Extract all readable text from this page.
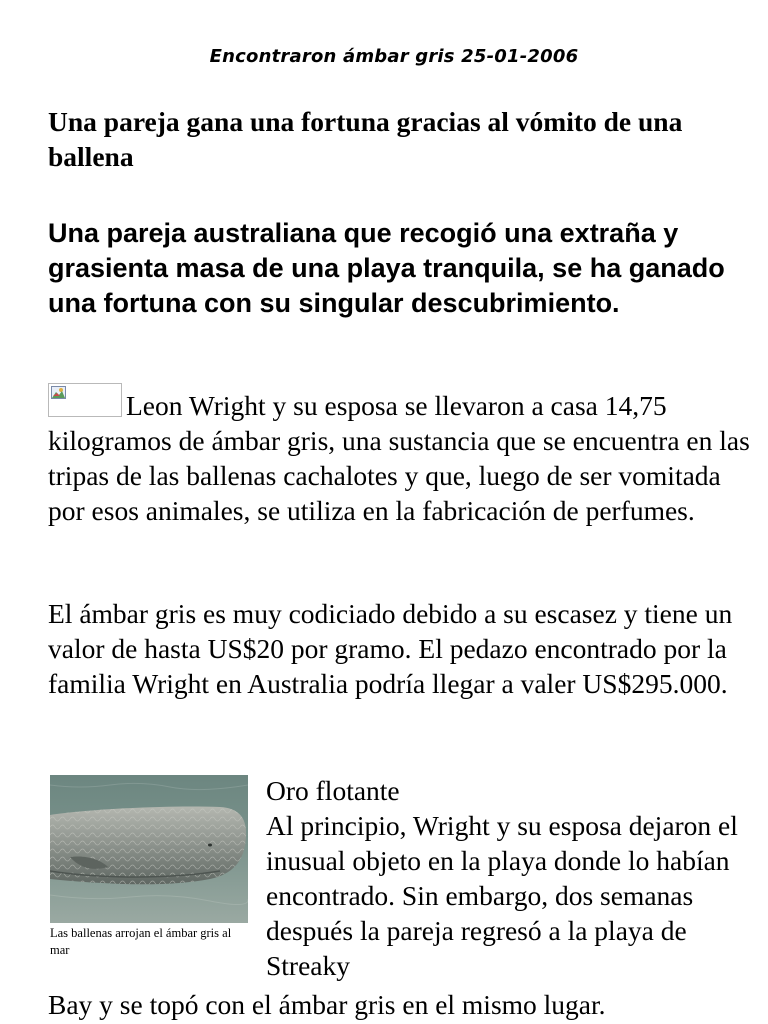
Encontraron ámbar gris 25-01-2006
Una pareja gana una fortuna gracias al vómito de una ballena
Una pareja australiana que recogió una extraña y grasienta masa de una playa tranquila, se ha ganado una fortuna con su singular descubrimiento.
Leon Wright y su esposa se llevaron a casa 14,75 kilogramos de ámbar gris, una sustancia que se encuentra en las tripas de las ballenas cachalotes y que, luego de ser vomitada por esos animales, se utiliza en la fabricación de perfumes.
El ámbar gris es muy codiciado debido a su escasez y tiene un valor de hasta US$20 por gramo. El pedazo encontrado por la familia Wright en Australia podría llegar a valer US$295.000.
Las ballenas arrojan el ámbar gris al mar
Oro flotante
Al principio, Wright y su esposa dejaron el inusual objeto en la playa donde lo habían encontrado. Sin embargo, dos semanas después la pareja regresó a la playa de Streaky
Bay y se topó con el ámbar gris en el mismo lugar.
